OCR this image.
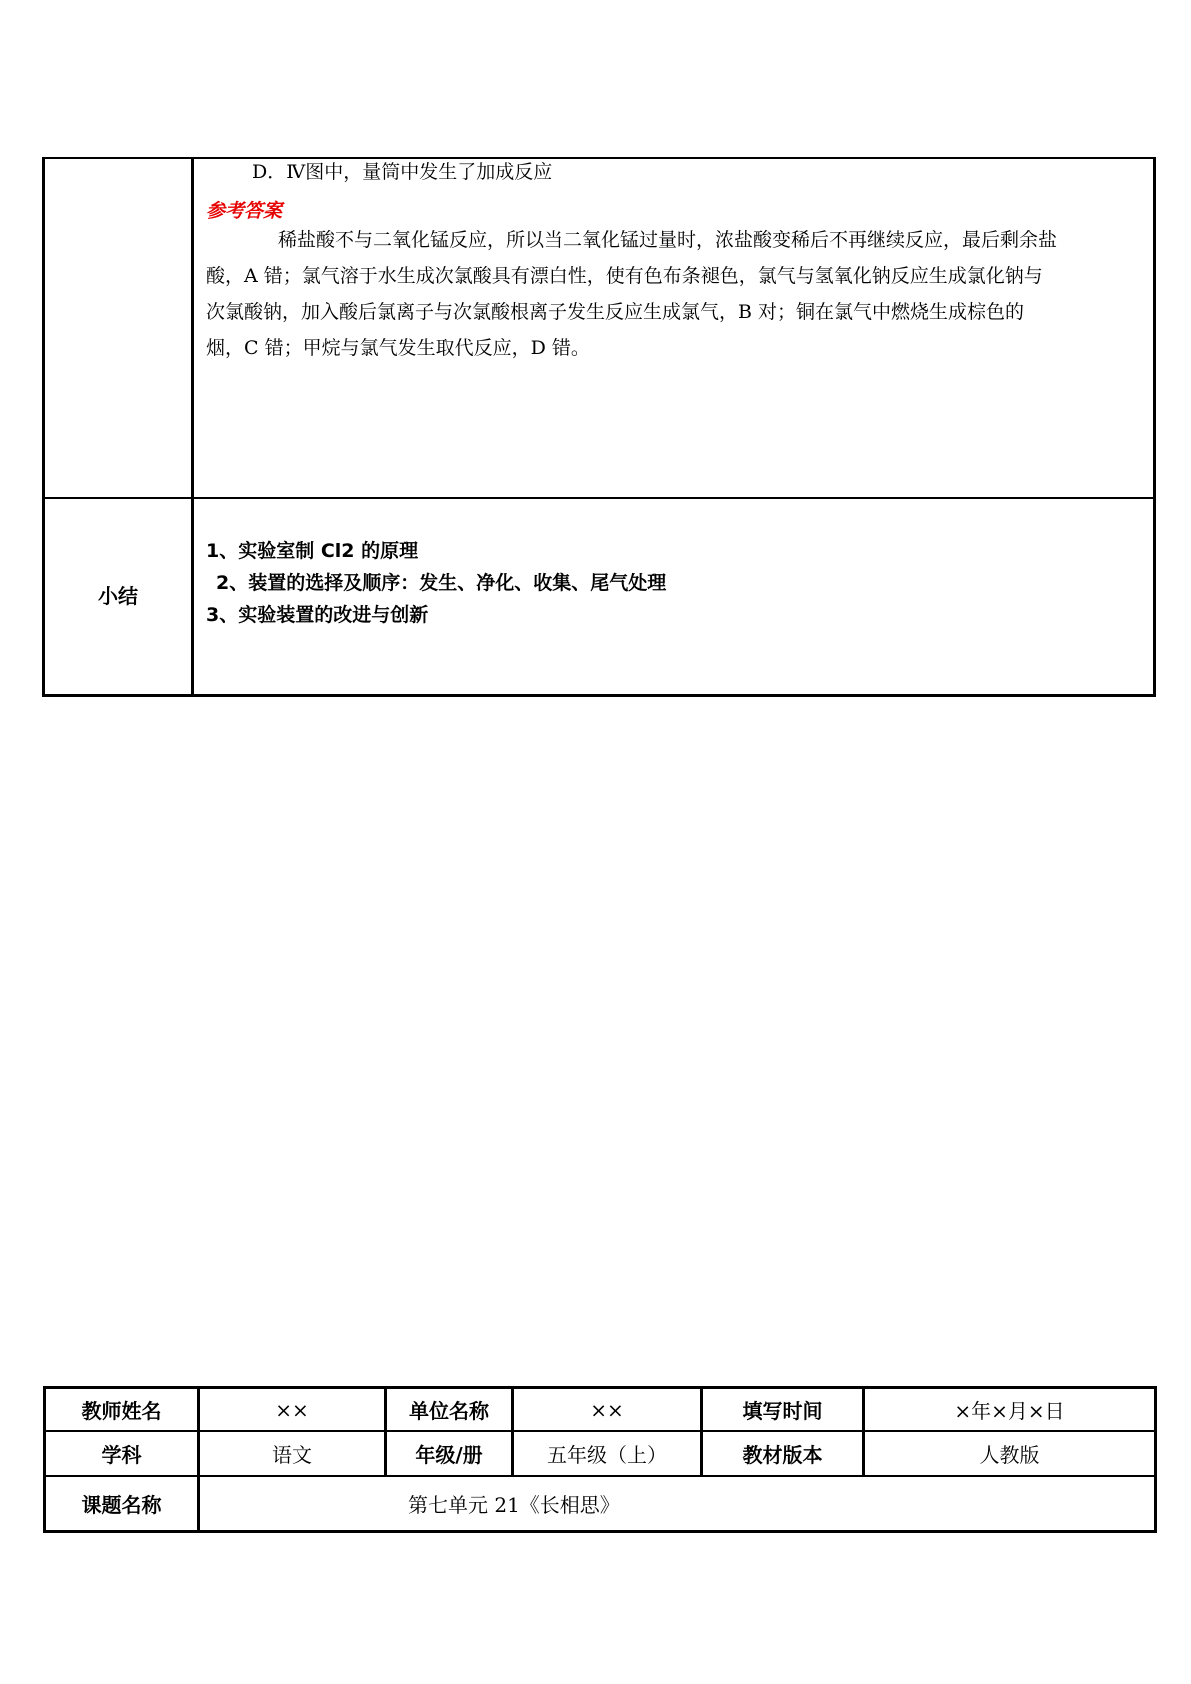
D．Ⅳ图中，量筒中发生了加成反应
参考答案
稀盐酸不与二氧化锰反应，所以当二氧化锰过量时，浓盐酸变稀后不再继续反应，最后剩余盐
酸，A 错；氯气溶于水生成次氯酸具有漂白性，使有色布条褪色，氯气与氢氧化钠反应生成氯化钠与
次氯酸钠，加入酸后氯离子与次氯酸根离子发生反应生成氯气，B 对；铜在氯气中燃烧生成棕色的
烟，C 错；甲烷与氯气发生取代反应，D 错。
小结
1、实验室制 Cl2 的原理
2、装置的选择及顺序：发生、净化、收集、尾气处理
3、实验装置的改进与创新
教师姓名	××	单位名称	××	填写时间	×年×月×日
学科	语文	年级/册	五年级（上）	教材版本	人教版
课题名称	第七单元 21《长相思》
